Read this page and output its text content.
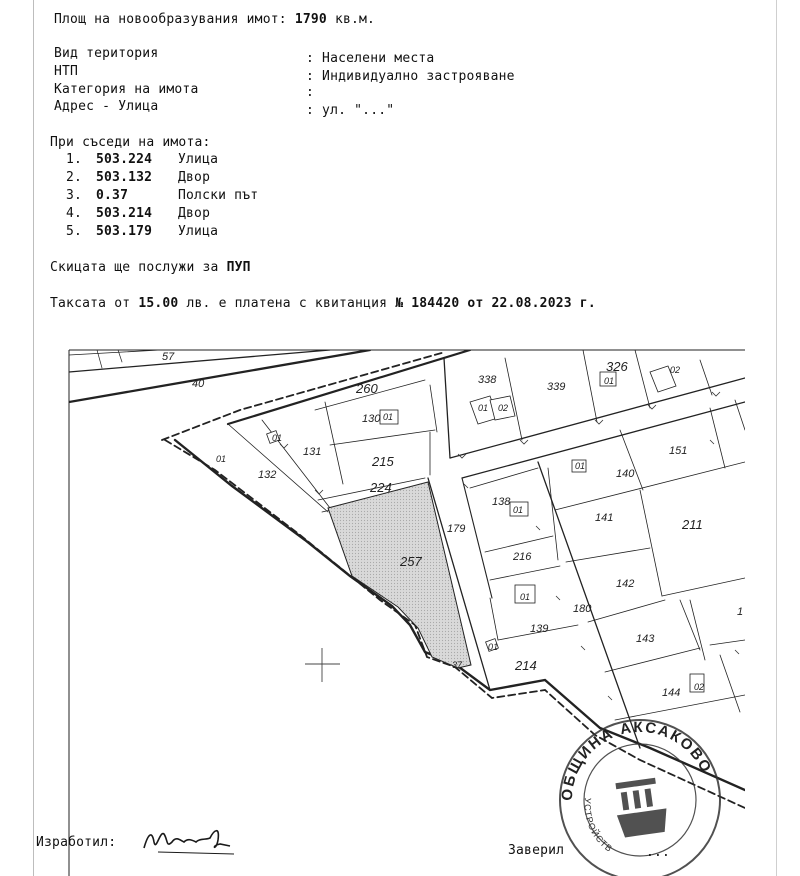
Площ на новообразувания имот: 1790 кв.м.
Вид територия	: Населени места
НТП	: Индивидуално застрояване
Категория на имота	:
Адрес - Улица	: ул. "..."
При съседи на имота:
1. 503.224 Улица
2. 503.132 Двор
3. 0.37	Полски път
4. 503.214 Двор
5. 503.179 Улица
Скицата ще послужи за ПУП
Таксата от 15.00 лв. е платена с квитанция № 184420 от 22.08.2023 г.
57
40	260
130 01
338
339
326
01
02
01 02
01
01
132
131
215
224
257
179
138
01
216
01
139
180
01
214
140
01
151
141	211
142
143
144 02
37
1
ОБЩИНА АКСАКОВО
УСТРОЙСТВ
Изработил:
Заверил	...
